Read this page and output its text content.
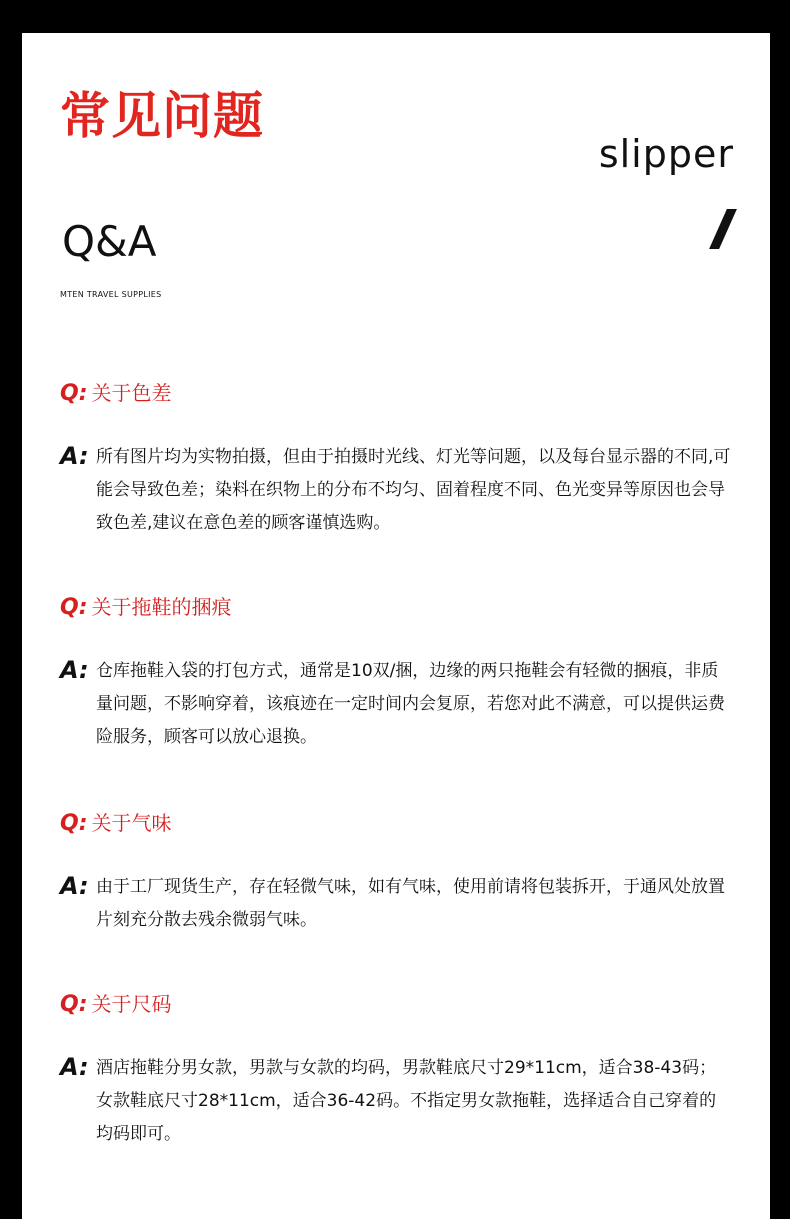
常见问题
slipper
Q&A
MTEN TRAVEL SUPPLIES
Q: 关于色差
A: 所有图片均为实物拍摄，但由于拍摄时光线、灯光等问题，以及每台显示器的不同,可能会导致色差；染料在织物上的分布不均匀、固着程度不同、色光变异等原因也会导致色差,建议在意色差的顾客谨慎选购。
Q: 关于拖鞋的捆痕
A: 仓库拖鞋入袋的打包方式，通常是10双/捆，边缘的两只拖鞋会有轻微的捆痕，非质量问题，不影响穿着，该痕迹在一定时间内会复原，若您对此不满意，可以提供运费险服务，顾客可以放心退换。
Q: 关于气味
A: 由于工厂现货生产，存在轻微气味，如有气味，使用前请将包装拆开，于通风处放置片刻充分散去残余微弱气味。
Q: 关于尺码
A: 酒店拖鞋分男女款，男款与女款的均码，男款鞋底尺寸29*11cm，适合38-43码；女款鞋底尺寸28*11cm，适合36-42码。不指定男女款拖鞋，选择适合自己穿着的均码即可。
